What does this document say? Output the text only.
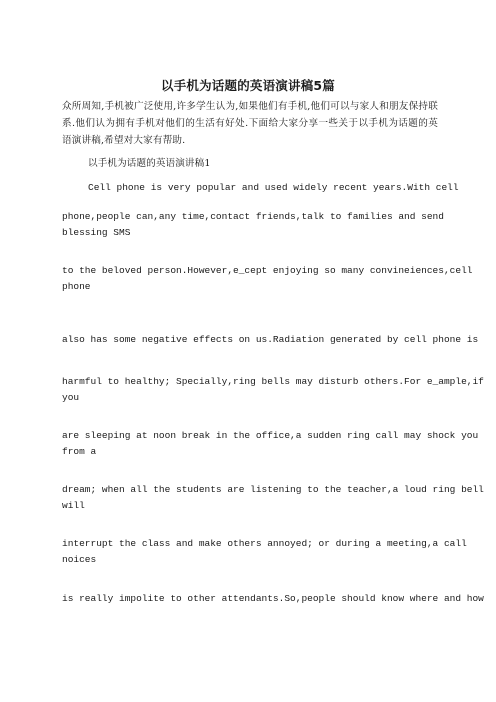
以手机为话题的英语演讲稿5篇

众所周知,手机被广泛使用,许多学生认为,如果他们有手机,他们可以与家人和朋友保持联系.他们认为拥有手机对他们的生活有好处.下面给大家分享一些关于以手机为话题的英语演讲稿,希望对大家有帮助.

以手机为话题的英语演讲稿1

Cell phone is very popular and used widely recent years.With cell

phone,people can,any time,contact friends,talk to families and send

blessing SMS

to the beloved person.However,e_cept enjoying so many convineiences,cell

phone

also has some negative effects on us.Radiation generated by cell phone is

harmful to healthy; Specially,ring bells may disturb others.For e_ample,if

you

are sleeping at noon break in the office,a sudden ring call may shock you

from a

dream; when all the students are listening to the teacher,a loud ring bell

will

interrupt the class and make others annoyed; or during a meeting,a call

noices

is really impolite to other attendants.So,people should know where and how
